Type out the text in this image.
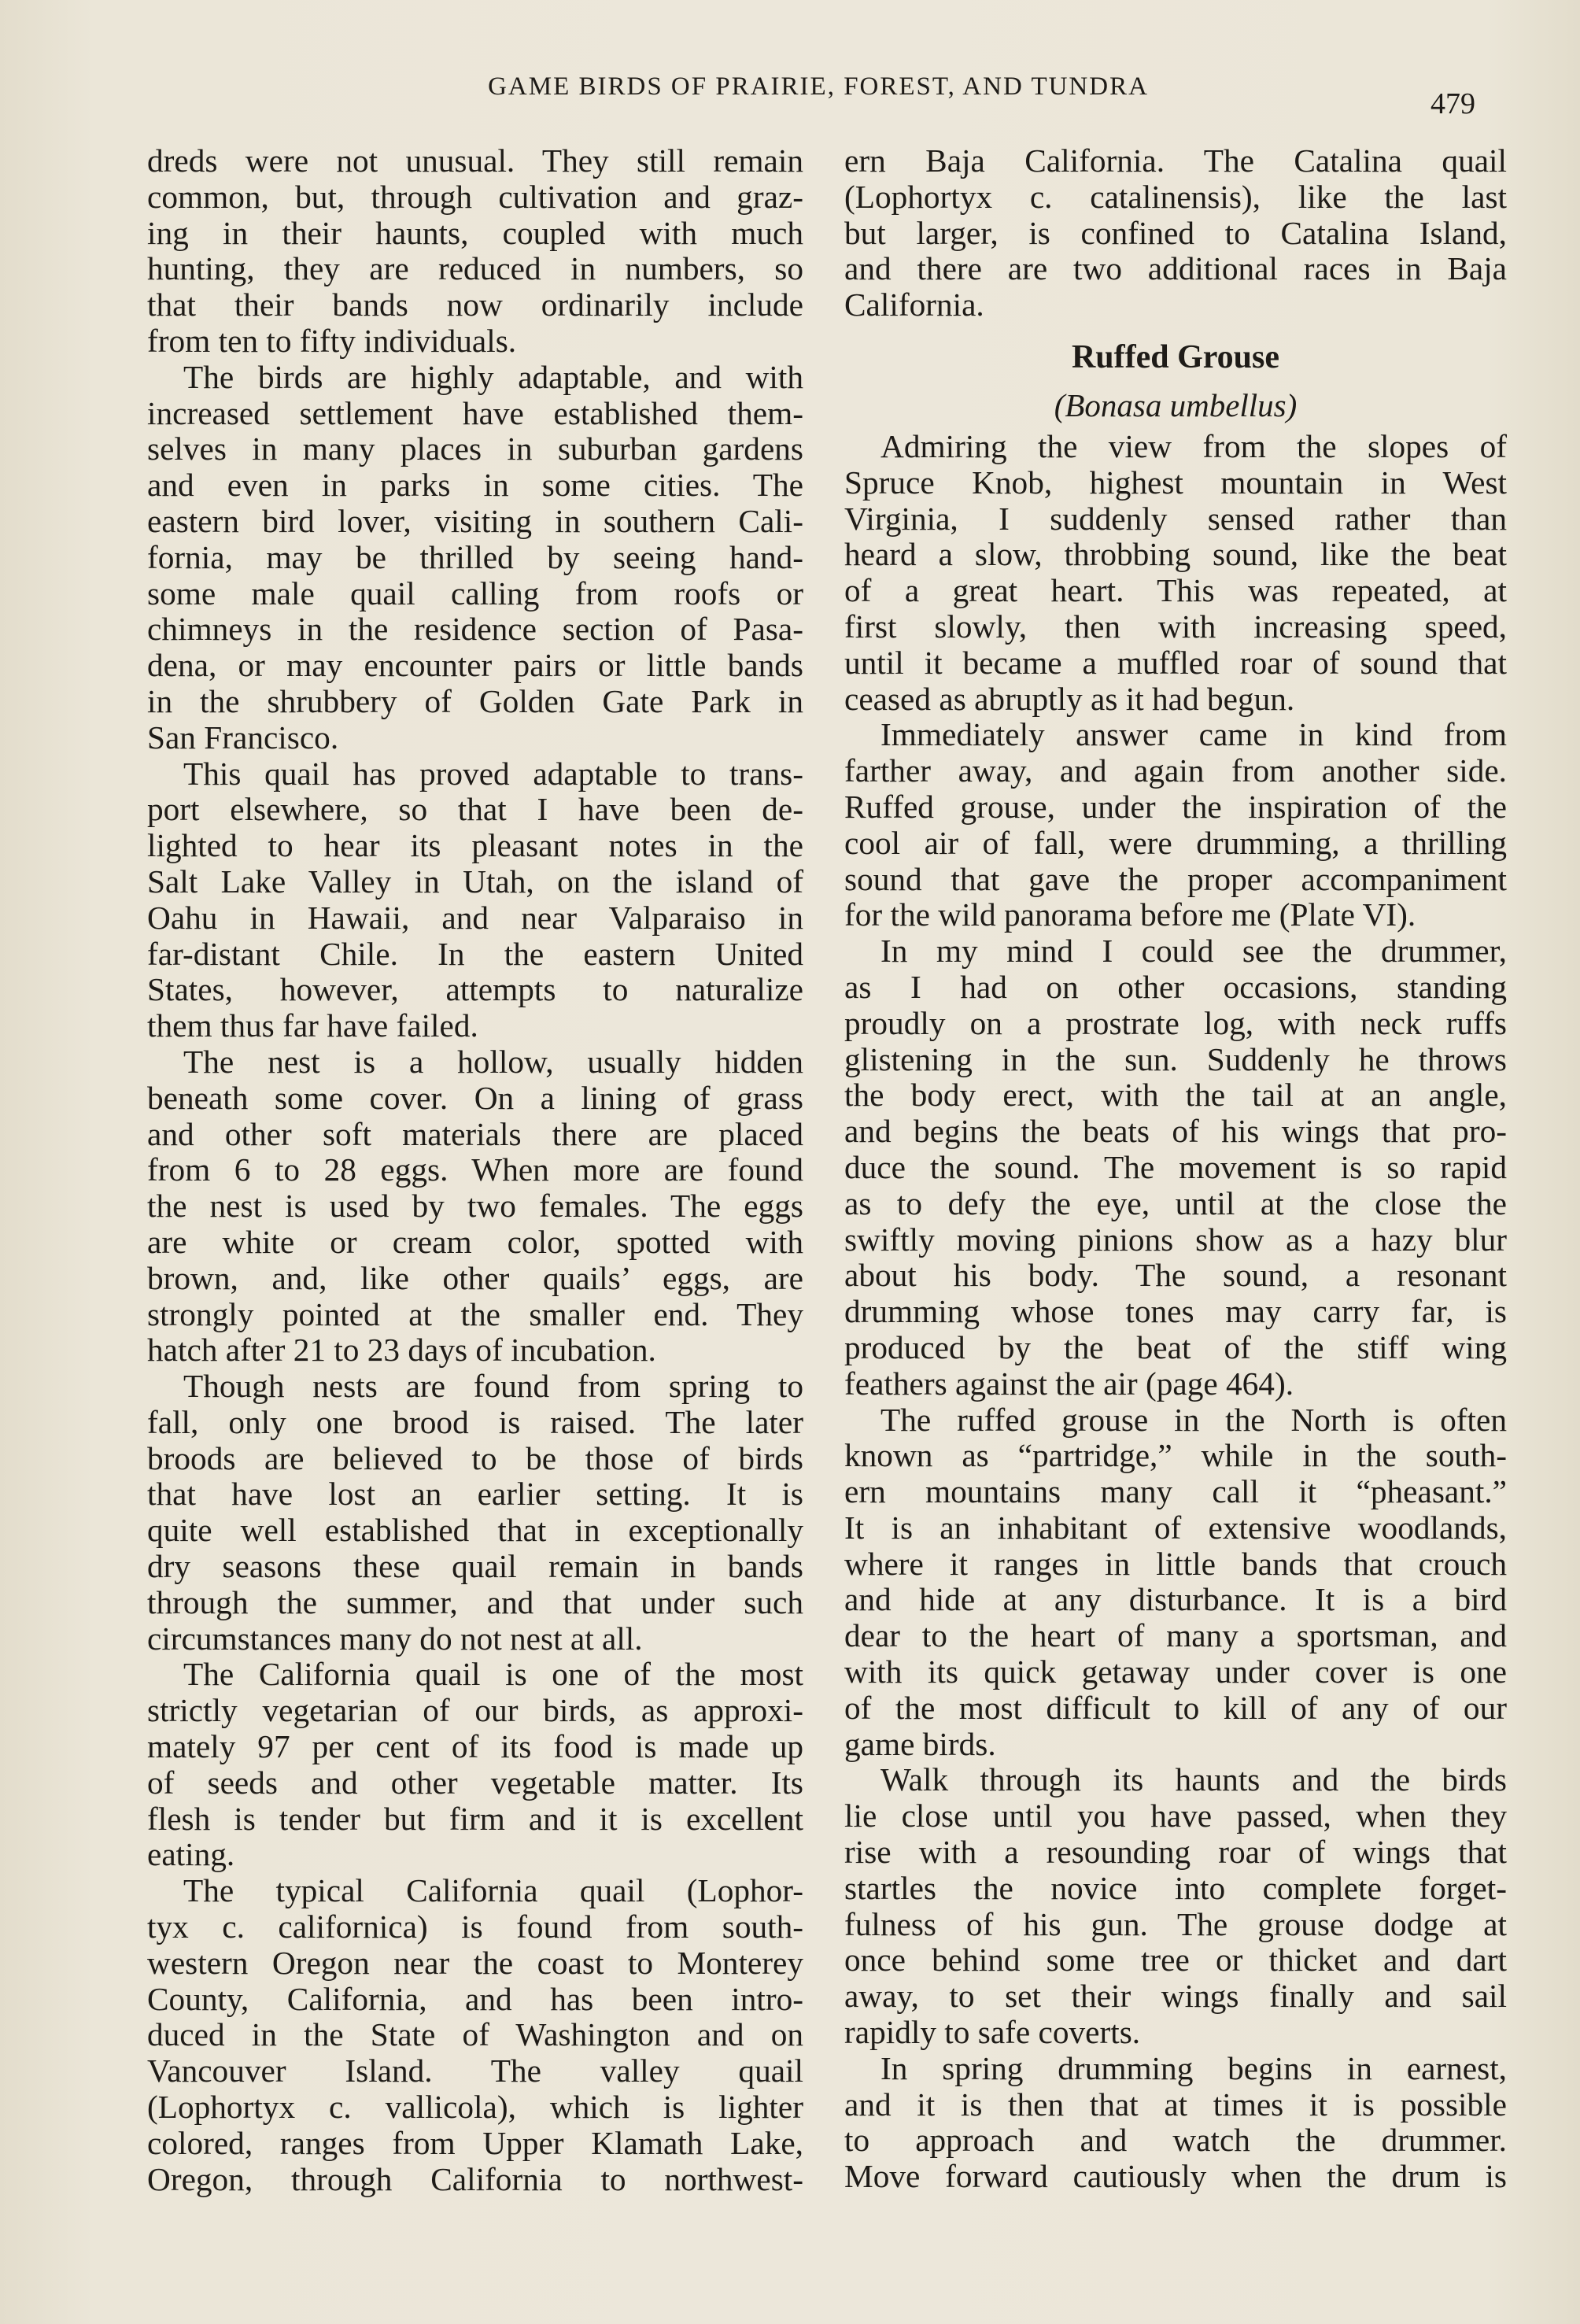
GAME BIRDS OF PRAIRIE, FOREST, AND TUNDRA
479
dreds were not unusual. They still remain
common, but, through cultivation and graz-
ing in their haunts, coupled with much
hunting, they are reduced in numbers, so
that their bands now ordinarily include
from ten to fifty individuals.
The birds are highly adaptable, and with
increased settlement have established them-
selves in many places in suburban gardens
and even in parks in some cities. The
eastern bird lover, visiting in southern Cali-
fornia, may be thrilled by seeing hand-
some male quail calling from roofs or
chimneys in the residence section of Pasa-
dena, or may encounter pairs or little bands
in the shrubbery of Golden Gate Park in
San Francisco.
This quail has proved adaptable to trans-
port elsewhere, so that I have been de-
lighted to hear its pleasant notes in the
Salt Lake Valley in Utah, on the island of
Oahu in Hawaii, and near Valparaiso in
far-distant Chile. In the eastern United
States, however, attempts to naturalize
them thus far have failed.
The nest is a hollow, usually hidden
beneath some cover. On a lining of grass
and other soft materials there are placed
from 6 to 28 eggs. When more are found
the nest is used by two females. The eggs
are white or cream color, spotted with
brown, and, like other quails’ eggs, are
strongly pointed at the smaller end. They
hatch after 21 to 23 days of incubation.
Though nests are found from spring to
fall, only one brood is raised. The later
broods are believed to be those of birds
that have lost an earlier setting. It is
quite well established that in exceptionally
dry seasons these quail remain in bands
through the summer, and that under such
circumstances many do not nest at all.
The California quail is one of the most
strictly vegetarian of our birds, as approxi-
mately 97 per cent of its food is made up
of seeds and other vegetable matter. Its
flesh is tender but firm and it is excellent
eating.
The typical California quail (Lophor-
tyx c. californica) is found from south-
western Oregon near the coast to Monterey
County, California, and has been intro-
duced in the State of Washington and on
Vancouver Island. The valley quail
(Lophortyx c. vallicola), which is lighter
colored, ranges from Upper Klamath Lake,
Oregon, through California to northwest-
ern Baja California. The Catalina quail
(Lophortyx c. catalinensis), like the last
but larger, is confined to Catalina Island,
and there are two additional races in Baja
California.
Ruffed Grouse
(Bonasa umbellus)
Admiring the view from the slopes of
Spruce Knob, highest mountain in West
Virginia, I suddenly sensed rather than
heard a slow, throbbing sound, like the beat
of a great heart. This was repeated, at
first slowly, then with increasing speed,
until it became a muffled roar of sound that
ceased as abruptly as it had begun.
Immediately answer came in kind from
farther away, and again from another side.
Ruffed grouse, under the inspiration of the
cool air of fall, were drumming, a thrilling
sound that gave the proper accompaniment
for the wild panorama before me (Plate VI).
In my mind I could see the drummer,
as I had on other occasions, standing
proudly on a prostrate log, with neck ruffs
glistening in the sun. Suddenly he throws
the body erect, with the tail at an angle,
and begins the beats of his wings that pro-
duce the sound. The movement is so rapid
as to defy the eye, until at the close the
swiftly moving pinions show as a hazy blur
about his body. The sound, a resonant
drumming whose tones may carry far, is
produced by the beat of the stiff wing
feathers against the air (page 464).
The ruffed grouse in the North is often
known as “partridge,” while in the south-
ern mountains many call it “pheasant.”
It is an inhabitant of extensive woodlands,
where it ranges in little bands that crouch
and hide at any disturbance. It is a bird
dear to the heart of many a sportsman, and
with its quick getaway under cover is one
of the most difficult to kill of any of our
game birds.
Walk through its haunts and the birds
lie close until you have passed, when they
rise with a resounding roar of wings that
startles the novice into complete forget-
fulness of his gun. The grouse dodge at
once behind some tree or thicket and dart
away, to set their wings finally and sail
rapidly to safe coverts.
In spring drumming begins in earnest,
and it is then that at times it is possible
to approach and watch the drummer.
Move forward cautiously when the drum is
